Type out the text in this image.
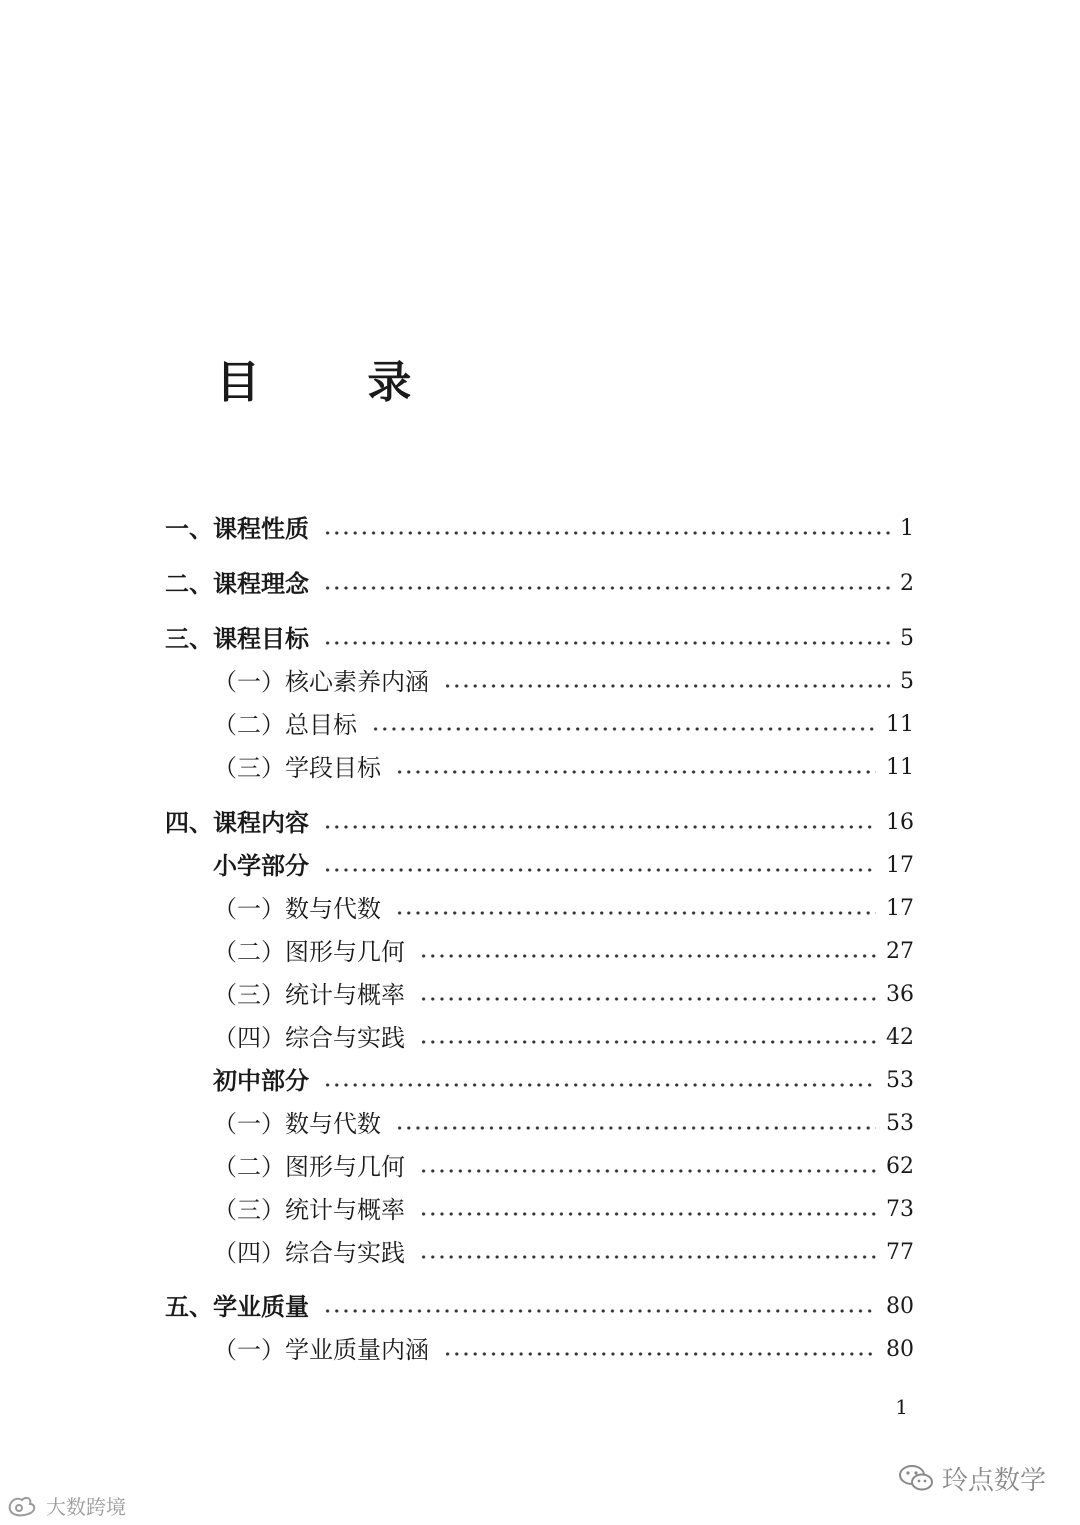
目 录
一、课程性质	1
二、课程理念	2
三、课程目标	5
（一）核心素养内涵	5
（二）总目标	11
（三）学段目标	11
四、课程内容	16
小学部分	17
（一）数与代数	17
（二）图形与几何	27
（三）统计与概率	36
（四）综合与实践	42
初中部分	53
（一）数与代数	53
（二）图形与几何	62
（三）统计与概率	73
（四）综合与实践	77
五、学业质量	80
（一）学业质量内涵	80
1
大数跨境
玲点数学
